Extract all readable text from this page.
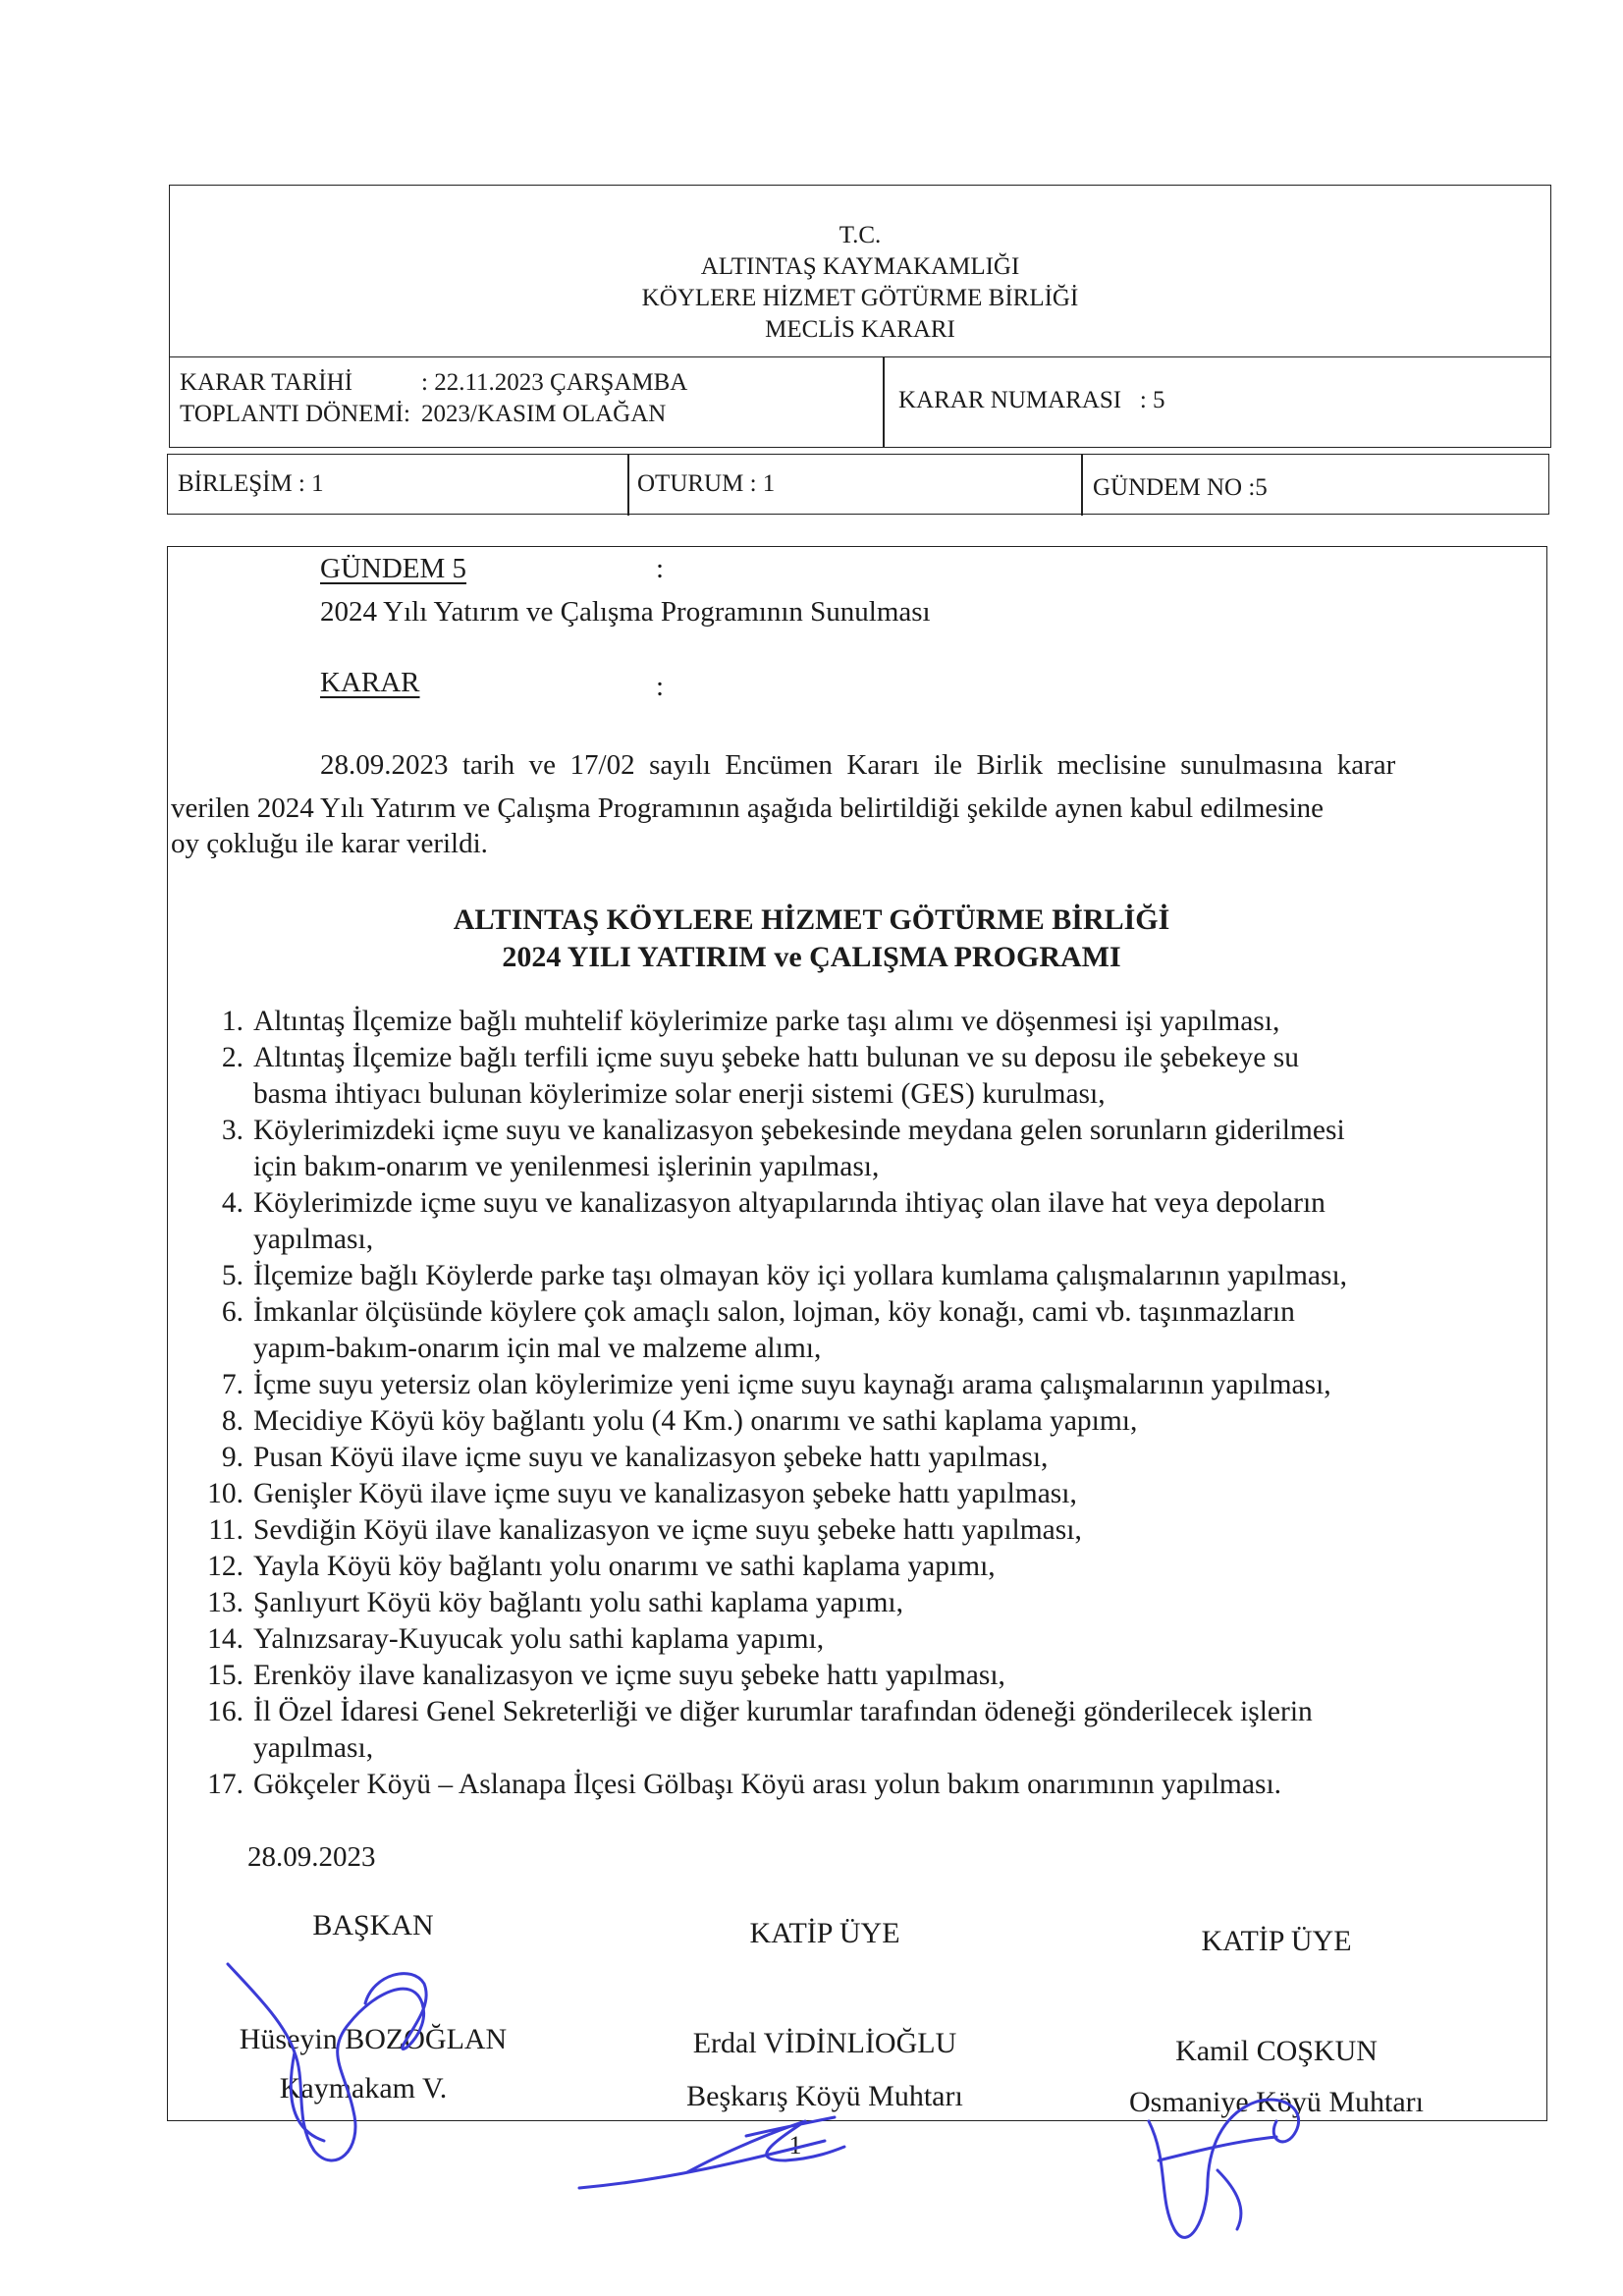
T.C.
ALTINTAŞ KAYMAKAMLIĞI
KÖYLERE HİZMET GÖTÜRME BİRLİĞİ
MECLİS KARARI
KARAR TARİHİ	: 22.11.2023 ÇARŞAMBA
TOPLANTI DÖNEMİ: 2023/KASIM OLAĞAN
KARAR NUMARASI   : 5
BİRLEŞİM : 1	OTURUM : 1	GÜNDEM NO :5
GÜNDEM 5	:
2024 Yılı Yatırım ve Çalışma Programının Sunulması
KARAR	:
28.09.2023  tarih  ve  17/02  sayılı  Encümen  Kararı  ile  Birlik  meclisine  sunulmasına  karar
verilen 2024 Yılı Yatırım ve Çalışma Programının aşağıda belirtildiği şekilde aynen kabul edilmesine
oy çokluğu ile karar verildi.
ALTINTAŞ KÖYLERE HİZMET GÖTÜRME BİRLİĞİ
2024 YILI YATIRIM ve ÇALIŞMA PROGRAMI
1. Altıntaş İlçemize bağlı muhtelif köylerimize parke taşı alımı ve döşenmesi işi yapılması,
2. Altıntaş İlçemize bağlı terfili içme suyu şebeke hattı bulunan ve su deposu ile şebekeye su
basma ihtiyacı bulunan köylerimize solar enerji sistemi (GES) kurulması,
3. Köylerimizdeki içme suyu ve kanalizasyon şebekesinde meydana gelen sorunların giderilmesi
için bakım-onarım ve yenilenmesi işlerinin yapılması,
4. Köylerimizde içme suyu ve kanalizasyon altyapılarında ihtiyaç olan ilave hat veya depoların
yapılması,
5. İlçemize bağlı Köylerde parke taşı olmayan köy içi yollara kumlama çalışmalarının yapılması,
6. İmkanlar ölçüsünde köylere çok amaçlı salon, lojman, köy konağı, cami vb. taşınmazların
yapım-bakım-onarım için mal ve malzeme alımı,
7. İçme suyu yetersiz olan köylerimize yeni içme suyu kaynağı arama çalışmalarının yapılması,
8. Mecidiye Köyü köy bağlantı yolu (4 Km.) onarımı ve sathi kaplama yapımı,
9. Pusan Köyü ilave içme suyu ve kanalizasyon şebeke hattı yapılması,
10. Genişler Köyü ilave içme suyu ve kanalizasyon şebeke hattı yapılması,
11. Sevdiğin Köyü ilave kanalizasyon ve içme suyu şebeke hattı yapılması,
12. Yayla Köyü köy bağlantı yolu onarımı ve sathi kaplama yapımı,
13. Şanlıyurt Köyü köy bağlantı yolu sathi kaplama yapımı,
14. Yalnızsaray-Kuyucak yolu sathi kaplama yapımı,
15. Erenköy ilave kanalizasyon ve içme suyu şebeke hattı yapılması,
16. İl Özel İdaresi Genel Sekreterliği ve diğer kurumlar tarafından ödeneği gönderilecek işlerin
yapılması,
17. Gökçeler Köyü – Aslanapa İlçesi Gölbaşı Köyü arası yolun bakım onarımının yapılması.
28.09.2023
BAŞKAN
Hüseyin BOZOĞLAN
Kaymakam V.
KATİP ÜYE
Erdal VİDİNLİOĞLU
Beşkarış Köyü Muhtarı
KATİP ÜYE
Kamil COŞKUN
Osmaniye Köyü Muhtarı
1
